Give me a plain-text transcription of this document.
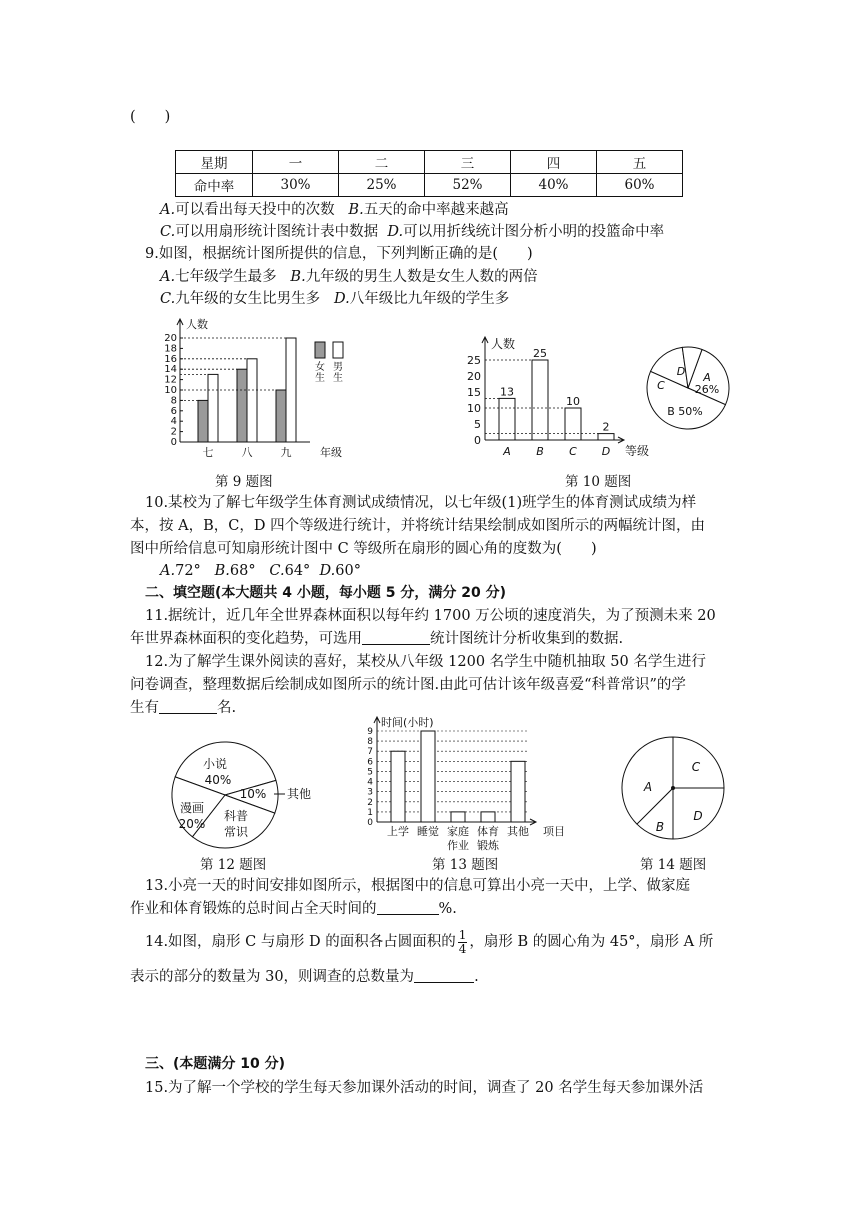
(　　)
星期	一	二	三	四	五
命中率	30%	25%	52%	40%	60%
A.可以看出每天投中的次数 B.五天的命中率越来越高
C.可以用扇形统计图统计表中数据 D.可以用折线统计图分析小明的投篮命中率
9.如图，根据统计图所提供的信息，下列判断正确的是(　　)
A.七年级学生最多 B.九年级的男生人数是女生人数的两倍
C.九年级的女生比男生多 D.八年级比九年级的学生多
人数
0
2
4
6
8
10
12
14
16
18
20
七	八	九	年级
女
生
男
生
第 9 题图
人数
0
5
10
15
20
25
13
A
25
B
10
C
2
D 等级
A
26%
B 50%
C
D
第 10 题图
10.某校为了解七年级学生体育测试成绩情况，以七年级(1)班学生的体育测试成绩为样
本，按 A，B，C，D 四个等级进行统计，并将统计结果绘制成如图所示的两幅统计图，由
图中所给信息可知扇形统计图中 C 等级所在扇形的圆心角的度数为(　　)
A.72° B.68° C.64° D.60°
二、填空题(本大题共 4 小题，每小题 5 分，满分 20 分)
11.据统计，近几年全世界森林面积以每年约 1700 万公顷的速度消失，为了预测未来 20
年世界森林面积的变化趋势，可选用	统计图统计分析收集到的数据.
12.为了解学生课外阅读的喜好，某校从八年级 1200 名学生中随机抽取 50 名学生进行
问卷调查，整理数据后绘制成如图所示的统计图.由此可估计该年级喜爱“科普常识”的学
生有	名.
小说
40%
10% 其他
科普
常识
漫画
20%
第 12 题图
时间(小时)
0
1
2
3
4
5
6
7
8
9
上学 睡觉 家庭
作业
体育
锻炼
其他 项目
第 13 题图
C
D
B
A
第 14 题图
13.小亮一天的时间安排如图所示，根据图中的信息可算出小亮一天中，上学、做家庭
作业和体育锻炼的总时间占全天时间的	%.
14.如图，扇形 C 与扇形 D 的面积各占圆面积的 $\frac{1}{4}$ ，扇形 B 的圆心角为 45°，扇形 A 所
表示的部分的数量为 30，则调查的总数量为	.
三、(本题满分 10 分)
15.为了解一个学校的学生每天参加课外活动的时间，调查了 20 名学生每天参加课外活
